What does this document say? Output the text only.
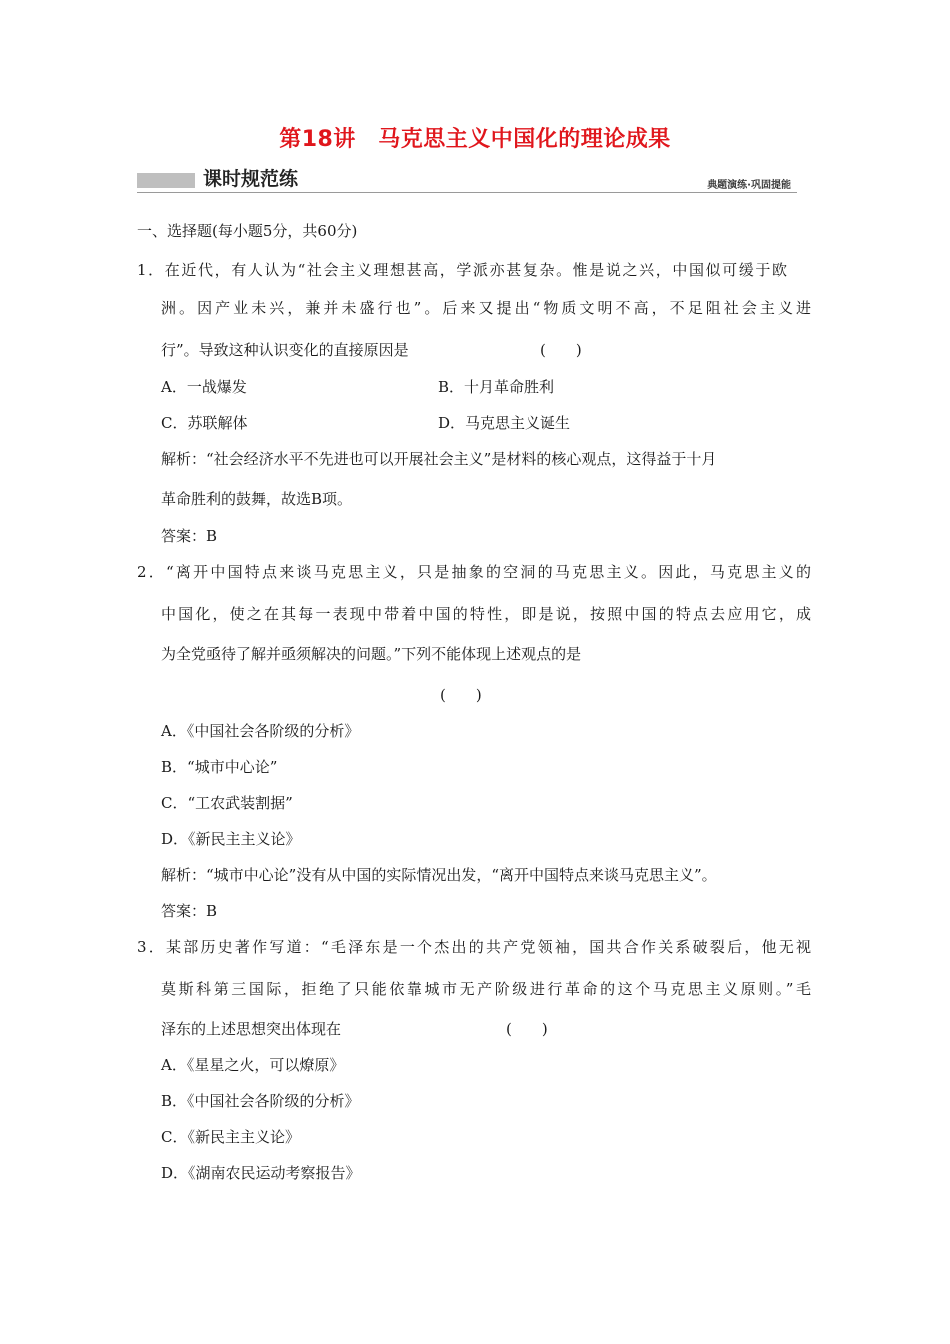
第18讲　马克思主义中国化的理论成果
课时规范练	典题演练·巩固提能
一、选择题(每小题5分，共60分)
1．在近代，有人认为“社会主义理想甚高，学派亦甚复杂。惟是说之兴，中国似可缓于欧
洲。因产业未兴，兼并未盛行也”。后来又提出“物质文明不高，不足阻社会主义进
行”。导致这种认识变化的直接原因是	(　　)
A．一战爆发	B．十月革命胜利
C．苏联解体	D．马克思主义诞生
解析：“社会经济水平不先进也可以开展社会主义”是材料的核心观点，这得益于十月
革命胜利的鼓舞，故选B项。
答案：B
2．“离开中国特点来谈马克思主义，只是抽象的空洞的马克思主义。因此，马克思主义的
中国化，使之在其每一表现中带着中国的特性，即是说，按照中国的特点去应用它，成
为全党亟待了解并亟须解决的问题。”下列不能体现上述观点的是
(　　)
A．《中国社会各阶级的分析》
B．“城市中心论”
C．“工农武装割据”
D．《新民主主义论》
解析：“城市中心论”没有从中国的实际情况出发，“离开中国特点来谈马克思主义”。
答案：B
3．某部历史著作写道：“毛泽东是一个杰出的共产党领袖，国共合作关系破裂后，他无视
莫斯科第三国际，拒绝了只能依靠城市无产阶级进行革命的这个马克思主义原则。”毛
泽东的上述思想突出体现在	(　　)
A．《星星之火，可以燎原》
B．《中国社会各阶级的分析》
C．《新民主主义论》
D．《湖南农民运动考察报告》
